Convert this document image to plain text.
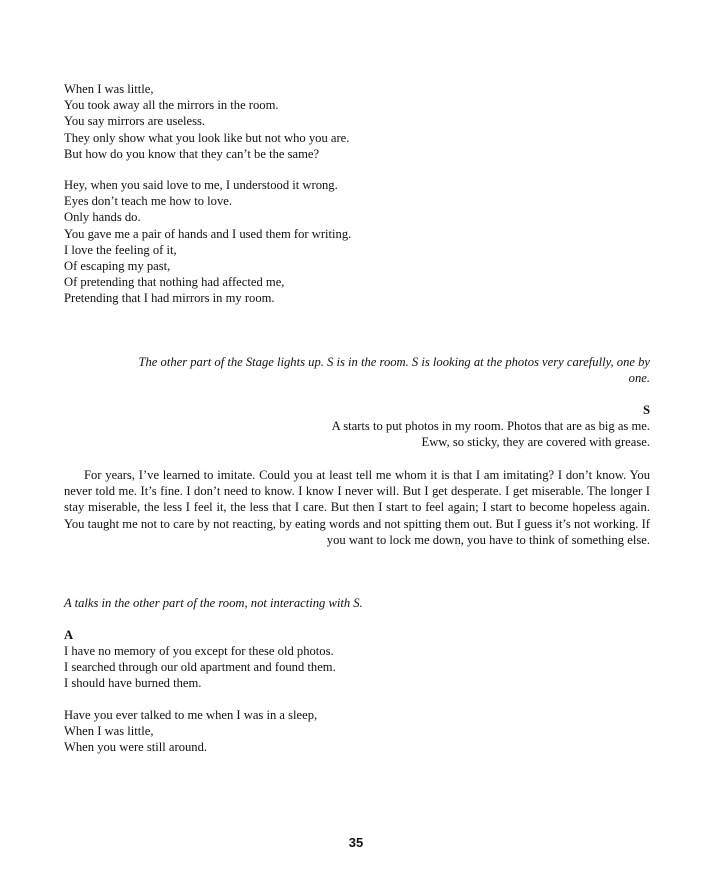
When I was little,
You took away all the mirrors in the room.
You say mirrors are useless.
They only show what you look like but not who you are.
But how do you know that they can’t be the same?
Hey, when you said love to me, I understood it wrong.
Eyes don’t teach me how to love.
Only hands do.
You gave me a pair of hands and I used them for writing.
I love the feeling of it,
Of escaping my past,
Of pretending that nothing had affected me,
Pretending that I had mirrors in my room.
The other part of the Stage lights up. S is in the room. S is looking at the photos very carefully, one by
one.
S
A starts to put photos in my room. Photos that are as big as me.
Eww, so sticky, they are covered with grease.
For years, I’ve learned to imitate. Could you at least tell me whom it is that I am imitating? I don’t know. You never told me. It’s fine. I don’t need to know. I know I never will. But I get desperate. I get miserable. The longer I stay miserable, the less I feel it, the less that I care. But then I start to feel again; I start to become hopeless again. You taught me not to care by not reacting, by eating words and not spitting them out. But I guess it’s not working. If you want to lock me down, you have to think of something else.
A talks in the other part of the room, not interacting with S.
A
I have no memory of you except for these old photos.
I searched through our old apartment and found them.
I should have burned them.
Have you ever talked to me when I was in a sleep,
When I was little,
When you were still around.
35
